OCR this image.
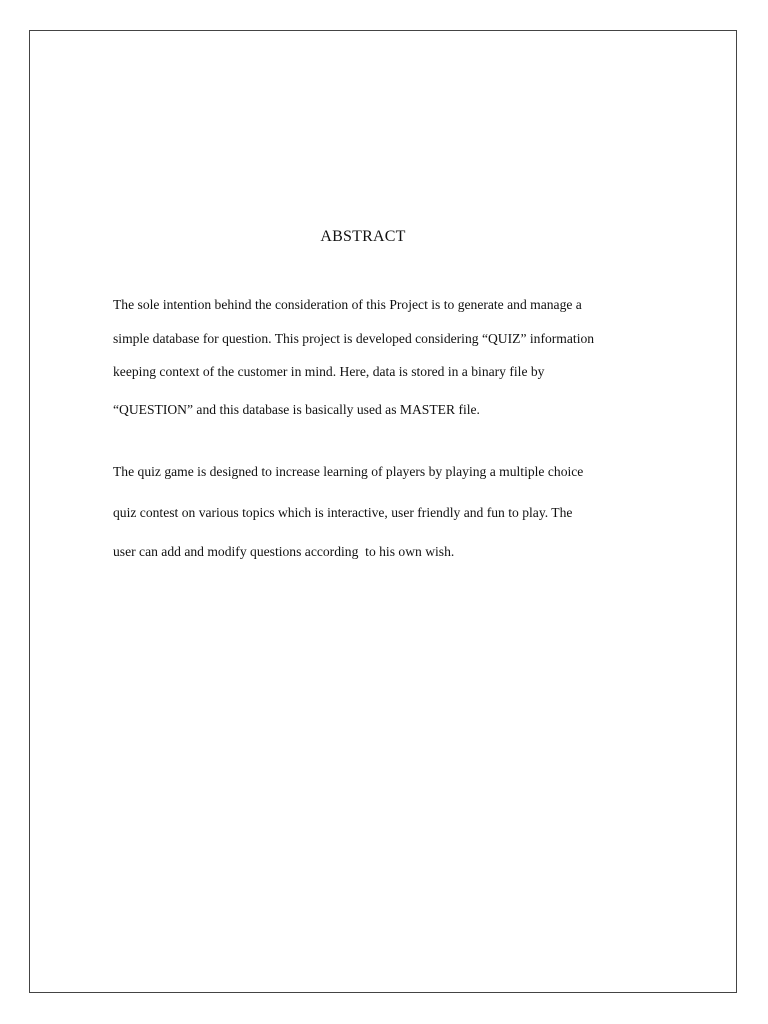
ABSTRACT
The sole intention behind the consideration of this Project is to generate and manage a
simple database for question. This project is developed considering “QUIZ” information
keeping context of the customer in mind. Here, data is stored in a binary file by
“QUESTION” and this database is basically used as MASTER file.
The quiz game is designed to increase learning of players by playing a multiple choice
quiz contest on various topics which is interactive, user friendly and fun to play. The
user can add and modify questions according  to his own wish.
